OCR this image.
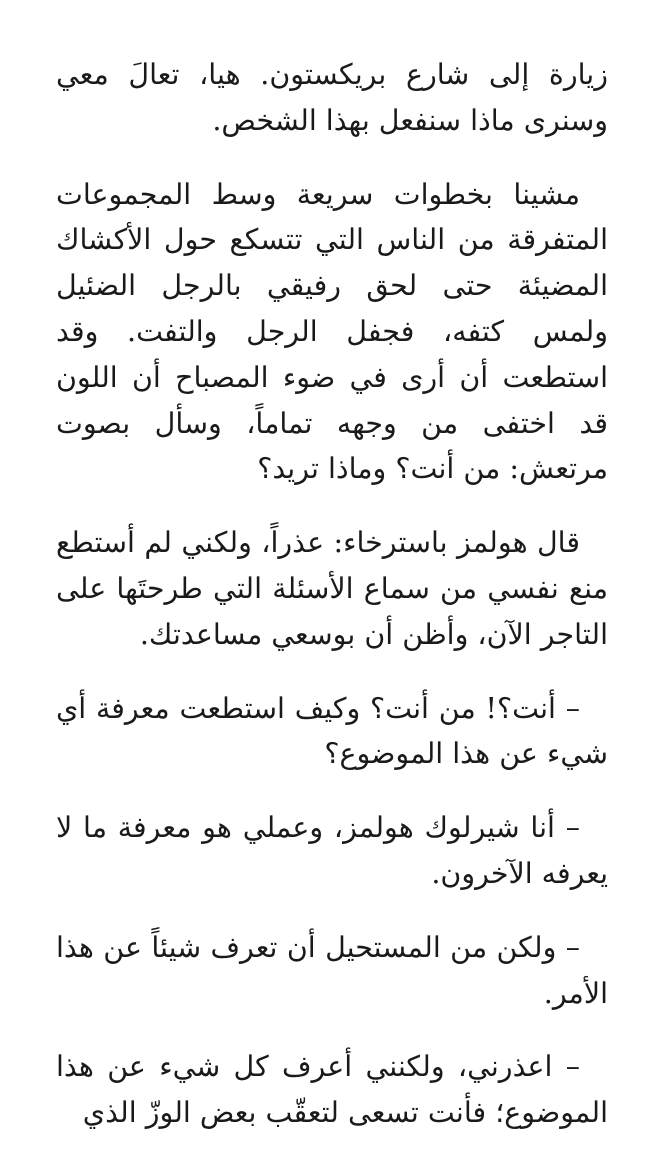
زيارة إلى شارع بريكستون. هيا، تعالَ معي وسنرى ماذا سنفعل بهذا الشخص.

مشينا بخطوات سريعة وسط المجموعات المتفرقة من الناس التي تتسكع حول الأكشاك المضيئة حتى لحق رفيقي بالرجل الضئيل ولمس كتفه، فجفل الرجل والتفت. وقد استطعت أن أرى في ضوء المصباح أن اللون قد اختفى من وجهه تماماً، وسأل بصوت مرتعش: من أنت؟ وماذا تريد؟

قال هولمز باسترخاء: عذراً، ولكني لم أستطع منع نفسي من سماع الأسئلة التي طرحتَها على التاجر الآن، وأظن أن بوسعي مساعدتك.

– أنت؟! من أنت؟ وكيف استطعت معرفة أي شيء عن هذا الموضوع؟

– أنا شيرلوك هولمز، وعملي هو معرفة ما لا يعرفه الآخرون.

– ولكن من المستحيل أن تعرف شيئاً عن هذا الأمر.

– اعذرني، ولكنني أعرف كل شيء عن هذا الموضوع؛ فأنت تسعى لتعقّب بعض الوزّ الذي
